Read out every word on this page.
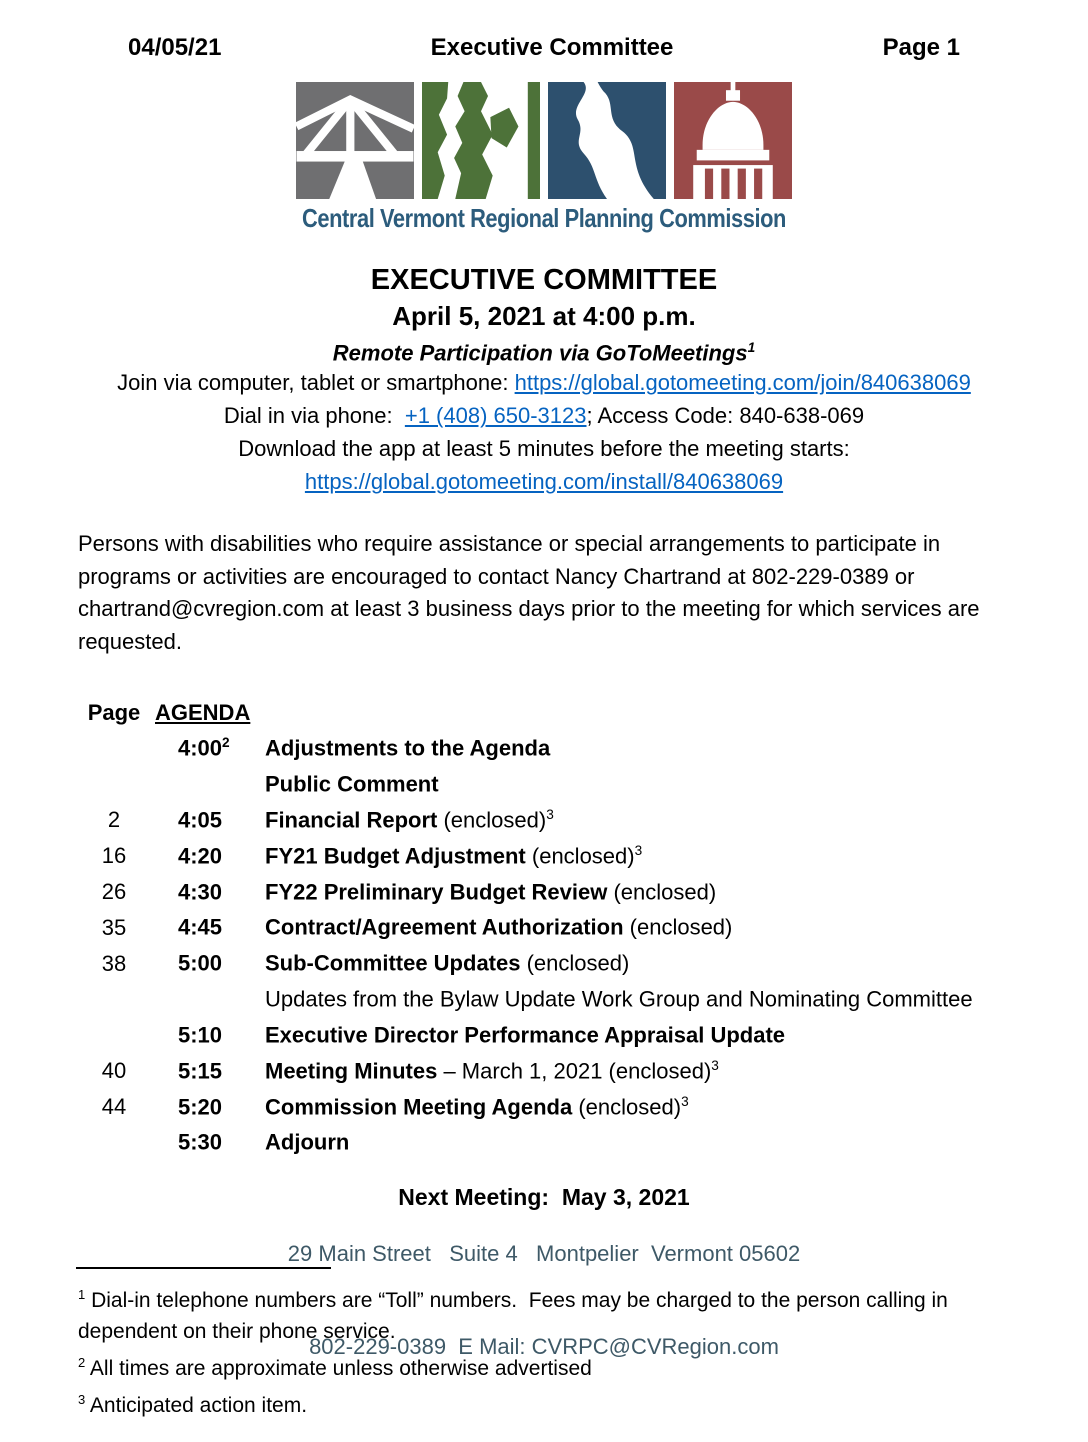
04/05/21	Executive Committee	Page 1
Central Vermont Regional Planning Commission
EXECUTIVE COMMITTEE
April 5, 2021 at 4:00 p.m.
Remote Participation via GoToMeetings$^1$
Join via computer, tablet or smartphone: https://global.gotomeeting.com/join/840638069
Dial in via phone:  +1 (408) 650-3123; Access Code: 840-638-069
Download the app at least 5 minutes before the meeting starts:
https://global.gotomeeting.com/install/840638069
Persons with disabilities who require assistance or special arrangements to participate in programs or activities are encouraged to contact Nancy Chartrand at 802-229-0389 or chartrand@cvregion.com at least 3 business days prior to the meeting for which services are requested.
Page AGENDA
$4:00^2$	Adjustments to the Agenda
Public Comment
2	4:05	Financial Report (enclosed)$^3$
16	4:20	FY21 Budget Adjustment (enclosed)$^3$
26	4:30	FY22 Preliminary Budget Review (enclosed)
35	4:45	Contract/Agreement Authorization (enclosed)
38	5:00	Sub-Committee Updates (enclosed)
Updates from the Bylaw Update Work Group and Nominating Committee
5:10	Executive Director Performance Appraisal Update
40	5:15	Meeting Minutes – March 1, 2021 (enclosed)$^3$
44	5:20	Commission Meeting Agenda (enclosed)$^3$
5:30	Adjourn
Next Meeting:  May 3, 2021
$^1$ Dial-in telephone numbers are “Toll” numbers.  Fees may be charged to the person calling in dependent on their phone service.
$^2$ All times are approximate unless otherwise advertised
$^3$ Anticipated action item.

29 Main Street   Suite 4   Montpelier  Vermont 05602

802-229-0389  E Mail: CVRPC@CVRegion.com
